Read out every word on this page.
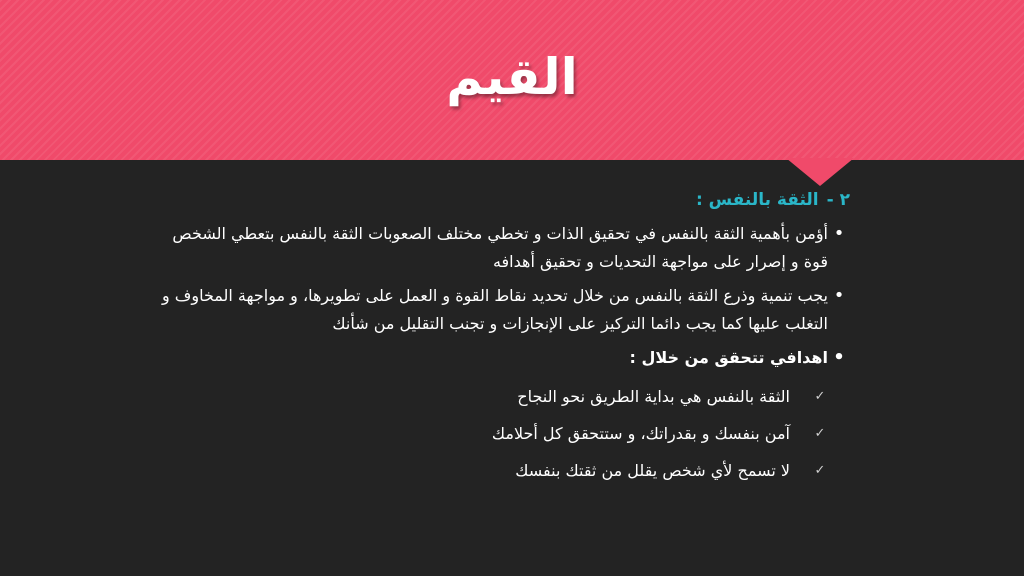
القيم
٢ -
الثقة بالنفس :
•
أؤمن بأهمية الثقة بالنفس في تحقيق الذات و تخطي مختلف الصعوبات الثقة بالنفس بتعطي الشخص قوة و إصرار على مواجهة التحديات و تحقيق أهدافه
•
يجب تنمية وذرع الثقة بالنفس من خلال تحديد نقاط القوة و العمل على تطويرها، و مواجهة المخاوف و التغلب عليها كما يجب دائما التركيز على الإنجازات و تجنب التقليل من شأنك
•
اهدافي تتحقق من خلال :
✓
الثقة بالنفس هي بداية الطريق نحو النجاح
✓
آمن بنفسك و بقدراتك، و ستتحقق كل أحلامك
✓
لا تسمح لأي شخص يقلل من ثقتك بنفسك
